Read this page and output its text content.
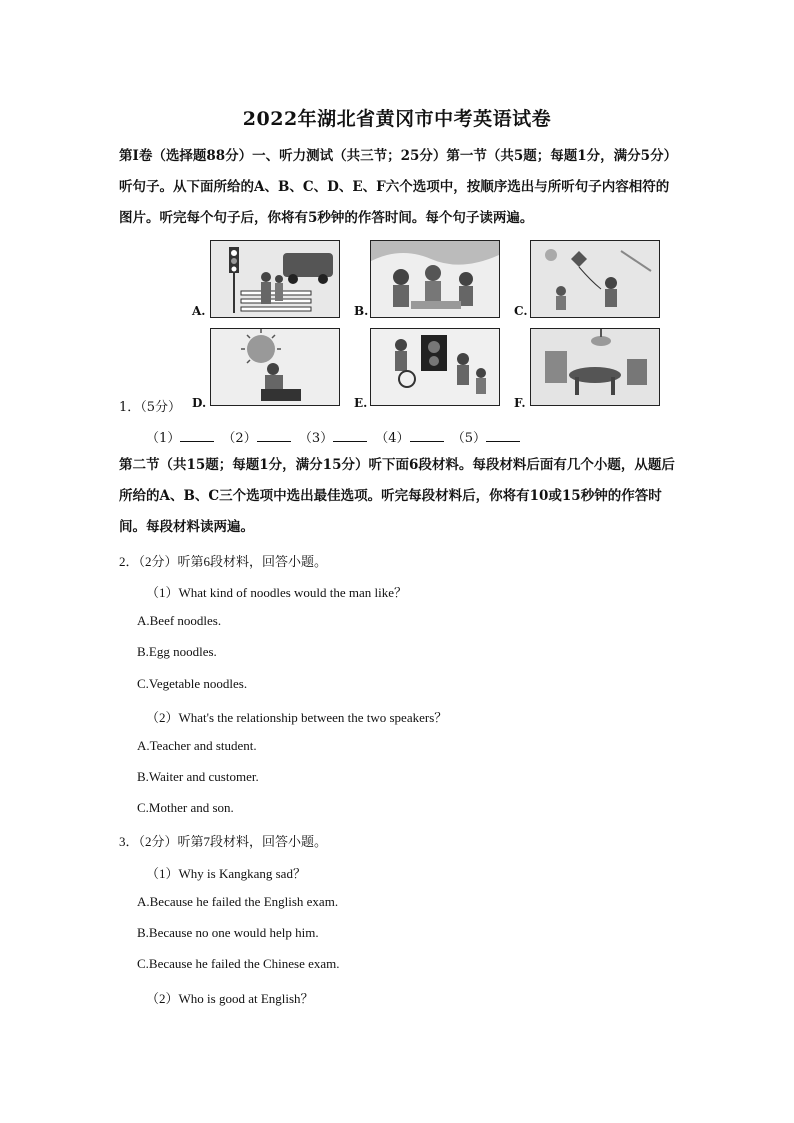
2022年湖北省黄冈市中考英语试卷
第Ⅰ卷（选择题88分）一、听力测试（共三节；25分）第一节（共5题；每题1分，满分5分）听句子。从下面所给的A、B、C、D、E、F六个选项中，按顺序选出与所听句子内容相符的图片。听完每个句子后，你将有5秒钟的作答时间。每个句子读两遍。
A.	B.	C.
D.	E.	F.
1．（5分）
（1）	（2）	（3）	（4）	（5）
第二节（共15题；每题1分，满分15分）听下面6段材料。每段材料后面有几个小题，从题后所给的A、B、C三个选项中选出最佳选项。听完每段材料后，你将有10或15秒钟的作答时间。每段材料读两遍。
2．（2分）听第6段材料，回答小题。
（1）What kind of noodles would the man like？
A.Beef noodles.
B.Egg noodles.
C.Vegetable noodles.
（2）What's the relationship between the two speakers？
A.Teacher and student.
B.Waiter and customer.
C.Mother and son.
3．（2分）听第7段材料，回答小题。
（1）Why is Kangkang sad？
A.Because he failed the English exam.
B.Because no one would help him.
C.Because he failed the Chinese exam.
（2）Who is good at English？
